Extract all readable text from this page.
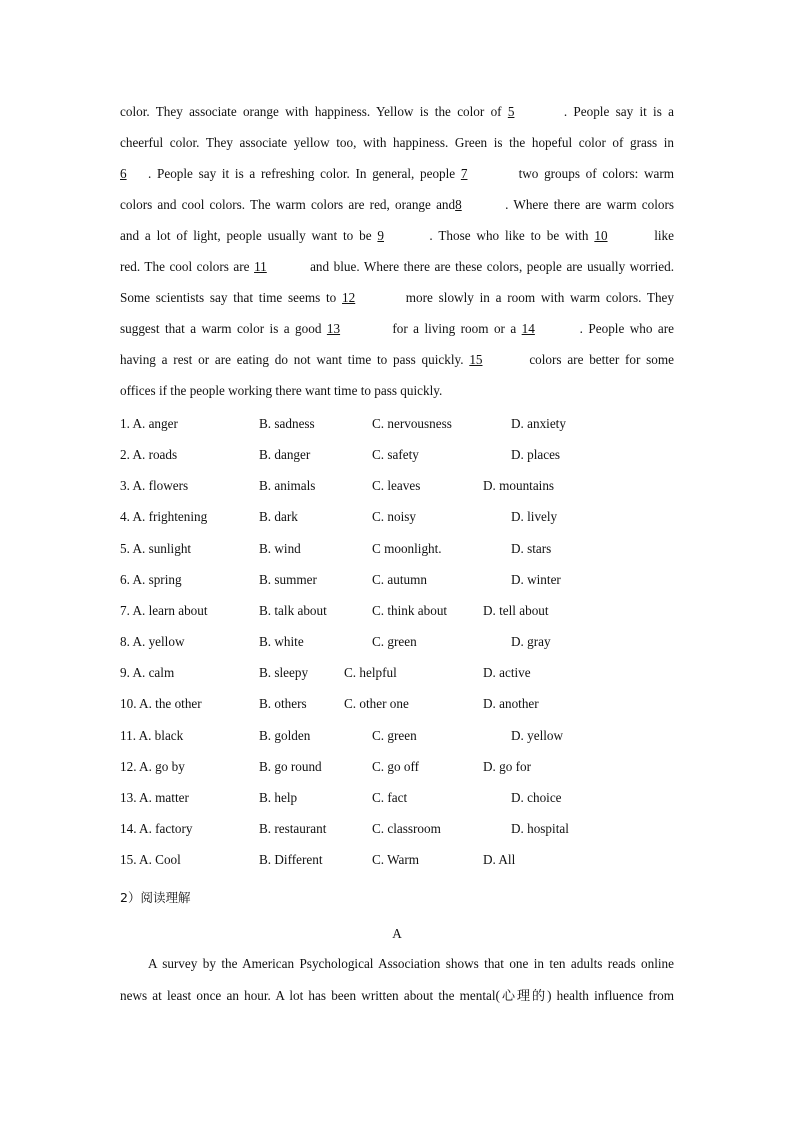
color. They associate orange with happiness. Yellow is the color of 5	. People say it is a
cheerful color. They associate yellow too, with happiness. Green is the hopeful color of grass in
6 . People say it is a refreshing color. In general, people 7	two groups of colors: warm
colors and cool colors. The warm colors are red, orange and8	. Where there are warm colors
and a lot of light, people usually want to be 9	. Those who like to be with 10	like
red. The cool colors are 11	and blue. Where there are these colors, people are usually worried.
Some scientists say that time seems to 12	more slowly in a room with warm colors. They
suggest that a warm color is a good 13	for a living room or a 14	. People who are
having a rest or are eating do not want time to pass quickly. 15	colors are better for some
offices if the people working there want time to pass quickly.
1. A. anger	B. sadness	C. nervousness	D. anxiety
2. A. roads	B. danger	C. safety	D. places
3. A. flowers	B. animals	C. leaves	D. mountains
4. A. frightening	B. dark	C. noisy	D. lively
5. A. sunlight	B. wind	C moonlight.	D. stars
6. A. spring	B. summer	C. autumn	D. winter
7. A. learn about	B. talk about	C. think about	D. tell about
8. A. yellow	B. white	C. green	D. gray
9. A. calm	B. sleepy	C. helpful	D. active
10. A. the other	B. others	C. other one	D. another
11. A. black	B. golden	C. green	D. yellow
12. A. go by	B. go round	C. go off	D. go for
13. A. matter	B. help	C. fact	D. choice
14. A. factory	B. restaurant	C. classroom	D. hospital
15. A. Cool	B. Different	C. Warm	D. All
2）阅读理解
A
A survey by the American Psychological Association shows that one in ten adults reads online
news at least once an hour. A lot has been written about the mental(心理的) health influence from
